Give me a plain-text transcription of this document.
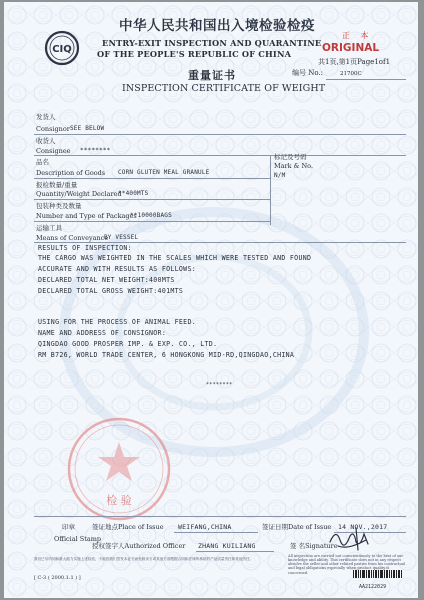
CIQ
中华人民共和国出入境检验检疫
ENTRY-EXIT INSPECTION AND QUARANTINE
OF THE PEOPLE'S REPUBLIC OF CHINA
正 本
ORIGINAL
共1页,第1页Page1of1
重量证书	编号 No.:	21700C
INSPECTION CERTIFICATE OF WEIGHT
发货人
Consignor SEE BELOW
收货人
Consignee ********
品名
Description of Goods CORN GLUTEN MEAL GRANULE
标记及号码
Mark & No.
N/M
报检数量/重量
Quantity/Weight Declared
**400MTS
包装种类及数量
Number and Type of Packages
**10000BAGS
运输工具
Means of Conveyance
BY VESSEL
RESULTS OF INSPECTION:
THE CARGO WAS WEIGHTED IN THE SCALES WHICH WERE TESTED AND FOUND
ACCURATE AND WITH RESULTS AS FOLLOWS:
DECLARED TOTAL NET WEIGHT:400MTS
DECLARED TOTAL GROSS WEIGHT:401MTS
USING FOR THE PROCESS OF ANIMAL FEED.
NAME AND ADDRESS OF CONSIGNOR:
QINGDAO GOOD PROSPER IMP. & EXP. CO., LTD.
RM B726, WORLD TRADE CENTER, 6 HONGKONG MID-RD,QINGDAO,CHINA
********
检 验
印章
Official Stamp
签证地点Place of Issue WEIFANG,CHINA	签证日期Date of Issue 14 NOV.,2017
授权签字人Authorized Officer ZHANG KUILIANG	签 名Signature
我们已尽所知和最大能力实施上述检验，不能因我们签发本证书而免除卖方或其他方面根据合同和法律所承担的产品质量责任和其他责任。
All inspection are carried out conscientiously to the best of our knowledge and ability. This certificate does not in any respect absolve the seller and other related parties from his contractual and legal obligations especially when product quality is concerned.
[ C-3 ( 2000.1.1 ) ]
AA2122029
